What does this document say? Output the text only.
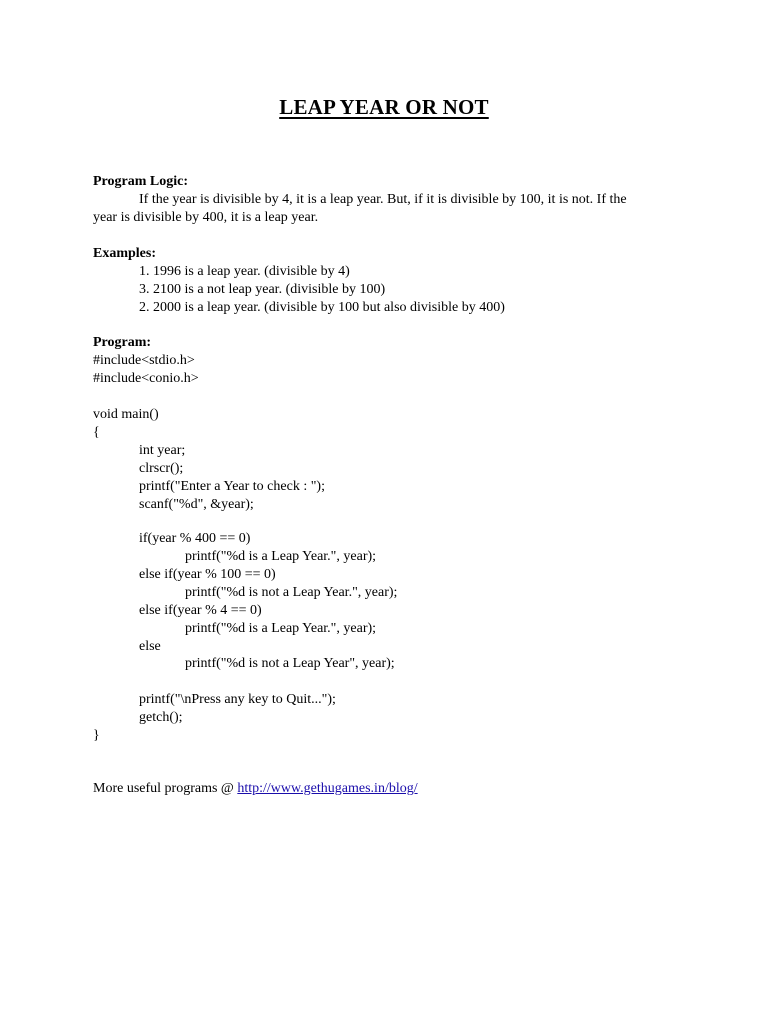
LEAP YEAR OR NOT
Program Logic:
If the year is divisible by 4, it is a leap year. But, if it is divisible by 100, it is not. If the
year is divisible by 400, it is a leap year.
Examples:
1. 1996 is a leap year. (divisible by 4)
3. 2100 is a not leap year. (divisible by 100)
2. 2000 is a leap year. (divisible by 100 but also divisible by 400)
Program:
#include<stdio.h>
#include<conio.h>
void main()
{
int year;
clrscr();
printf("Enter a Year to check : ");
scanf("%d", &year);
if(year % 400 == 0)
printf("%d is a Leap Year.", year);
else if(year % 100 == 0)
printf("%d is not a Leap Year.", year);
else if(year % 4 == 0)
printf("%d is a Leap Year.", year);
else
printf("%d is not a Leap Year", year);
printf("\nPress any key to Quit...");
getch();
}
More useful programs @ http://www.gethugames.in/blog/
